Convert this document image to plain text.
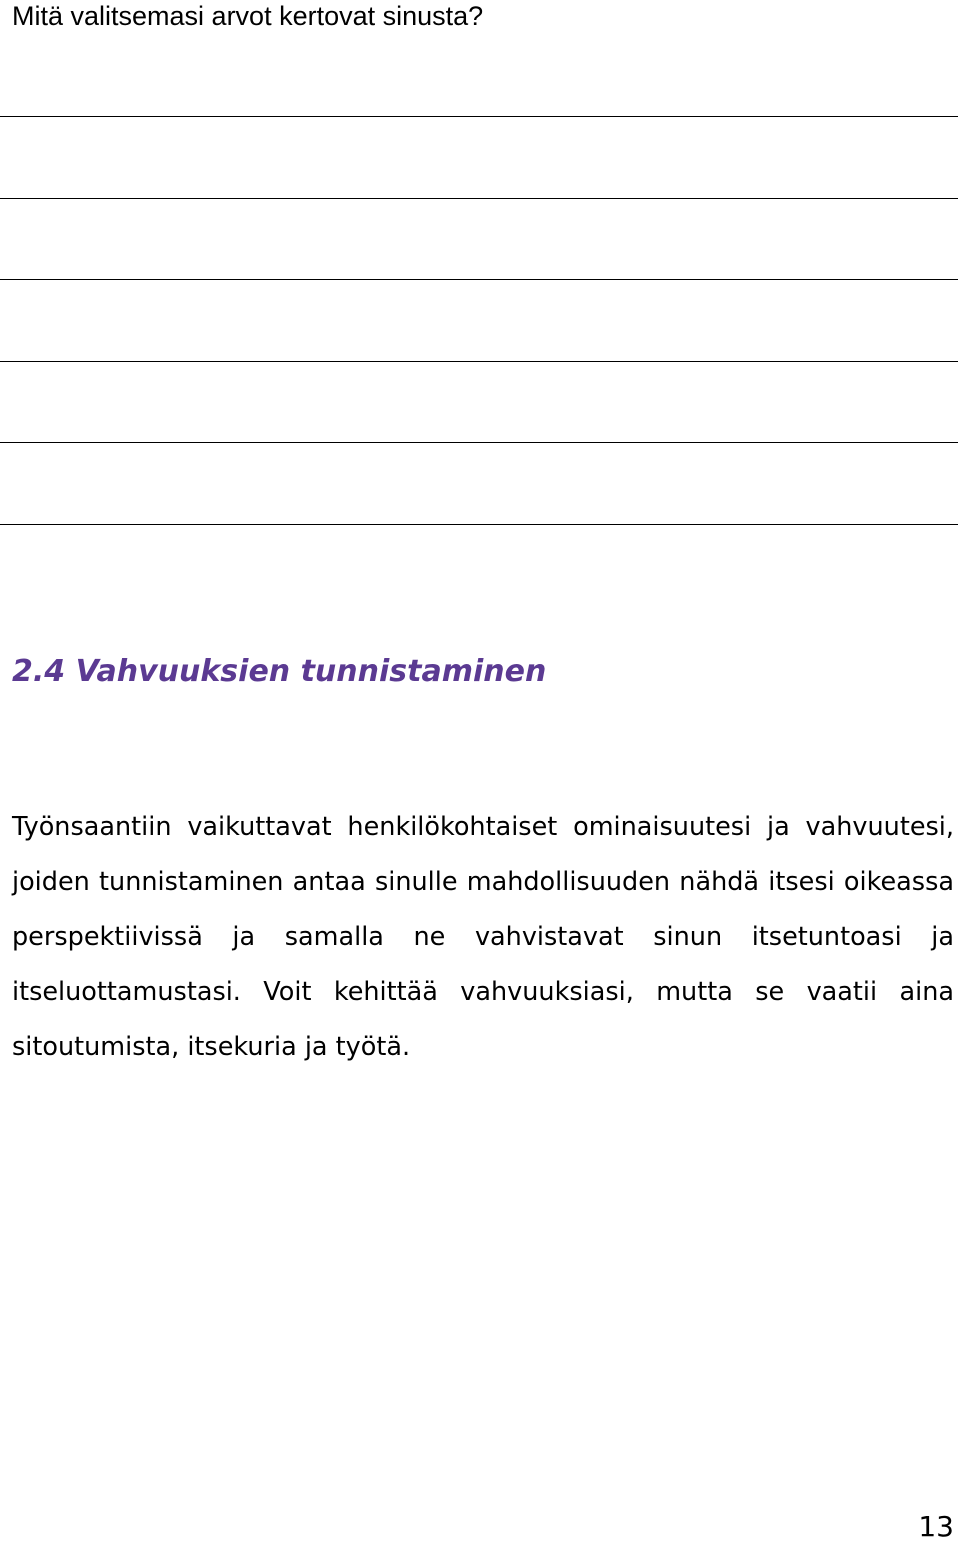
Mitä valitsemasi arvot kertovat sinusta?

2.4 Vahvuuksien tunnistaminen

Työnsaantiin vaikuttavat henkilökohtaiset ominaisuutesi ja vahvuutesi, joiden tunnistaminen antaa sinulle mahdollisuuden nähdä itsesi oikeassa perspektiivissä ja samalla ne vahvistavat sinun itsetuntoasi ja itseluottamustasi. Voit kehittää vahvuuksiasi, mutta se vaatii aina sitoutumista, itsekuria ja työtä.

13
